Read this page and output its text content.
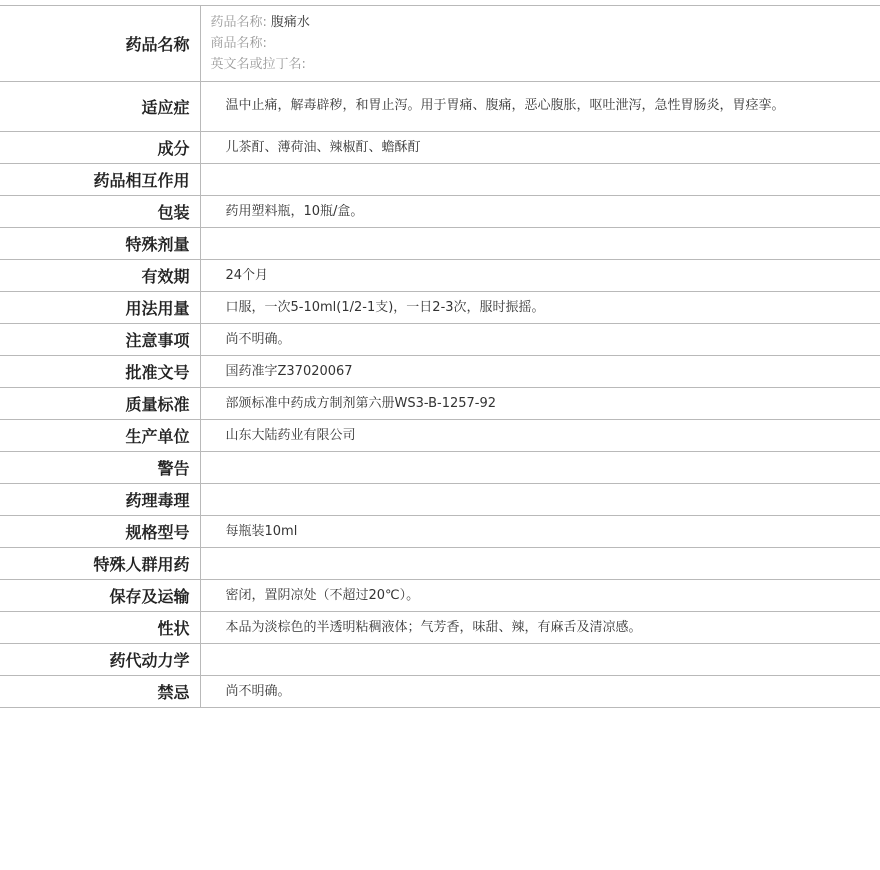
药品名称	药品名称: 腹痛水
商品名称:
英文名或拉丁名:

适应症	温中止痛，解毒辟秽，和胃止泻。用于胃痛、腹痛，恶心腹胀，呕吐泄泻，急性胃肠炎，胃痉挛。
成分	儿茶酊、薄荷油、辣椒酊、蟾酥酊
药品相互作用	
包装	药用塑料瓶，10瓶/盒。
特殊剂量	
有效期	24个月
用法用量	口服，一次5-10ml(1/2-1支)，一日2-3次，服时振摇。
注意事项	尚不明确。
批准文号	国药准字Z37020067
质量标准	部颁标准中药成方制剂第六册WS3-B-1257-92
生产单位	山东大陆药业有限公司
警告	
药理毒理	
规格型号	每瓶装10ml
特殊人群用药	
保存及运输	密闭，置阴凉处（不超过20℃）。
性状	本品为淡棕色的半透明粘稠液体；气芳香，味甜、辣，有麻舌及清凉感。
药代动力学	
禁忌	尚不明确。
